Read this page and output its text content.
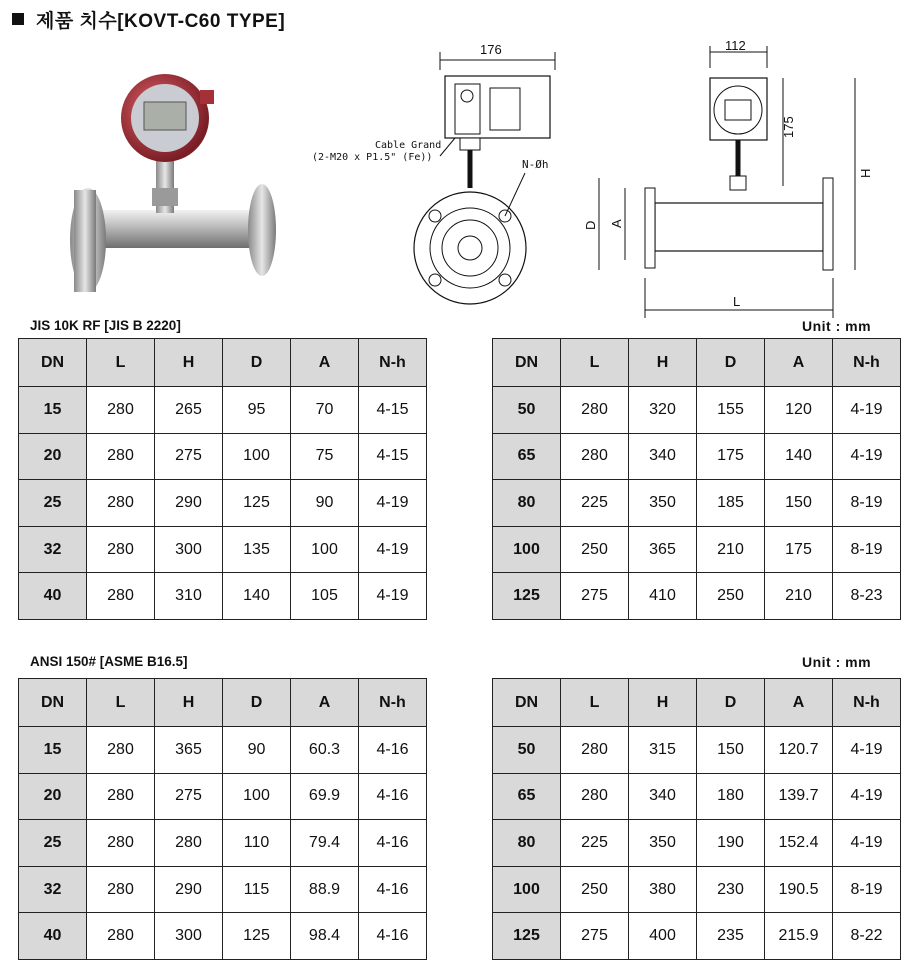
제품 치수[KOVT-C60 TYPE]
176
Cable Grand
(2-M20 x P1.5" (Fe))
N-Øh
112
175
H
D A
L
JIS 10K RF [JIS B 2220]	Unit : mm
DN	L	H	D	A	N-h
15	280	265	95	70	4-15
20	280	275	100	75	4-15
25	280	290	125	90	4-19
32	280	300	135	100	4-19
40	280	310	140	105	4-19
DN	L	H	D	A	N-h
50	280	320	155	120	4-19
65	280	340	175	140	4-19
80	225	350	185	150	8-19
100	250	365	210	175	8-19
125	275	410	250	210	8-23
ANSI 150# [ASME B16.5]	Unit : mm
DN	L	H	D	A	N-h
15	280	365	90	60.3	4-16
20	280	275	100	69.9	4-16
25	280	280	110	79.4	4-16
32	280	290	115	88.9	4-16
40	280	300	125	98.4	4-16
DN	L	H	D	A	N-h
50	280	315	150	120.7	4-19
65	280	340	180	139.7	4-19
80	225	350	190	152.4	4-19
100	250	380	230	190.5	8-19
125	275	400	235	215.9	8-22
